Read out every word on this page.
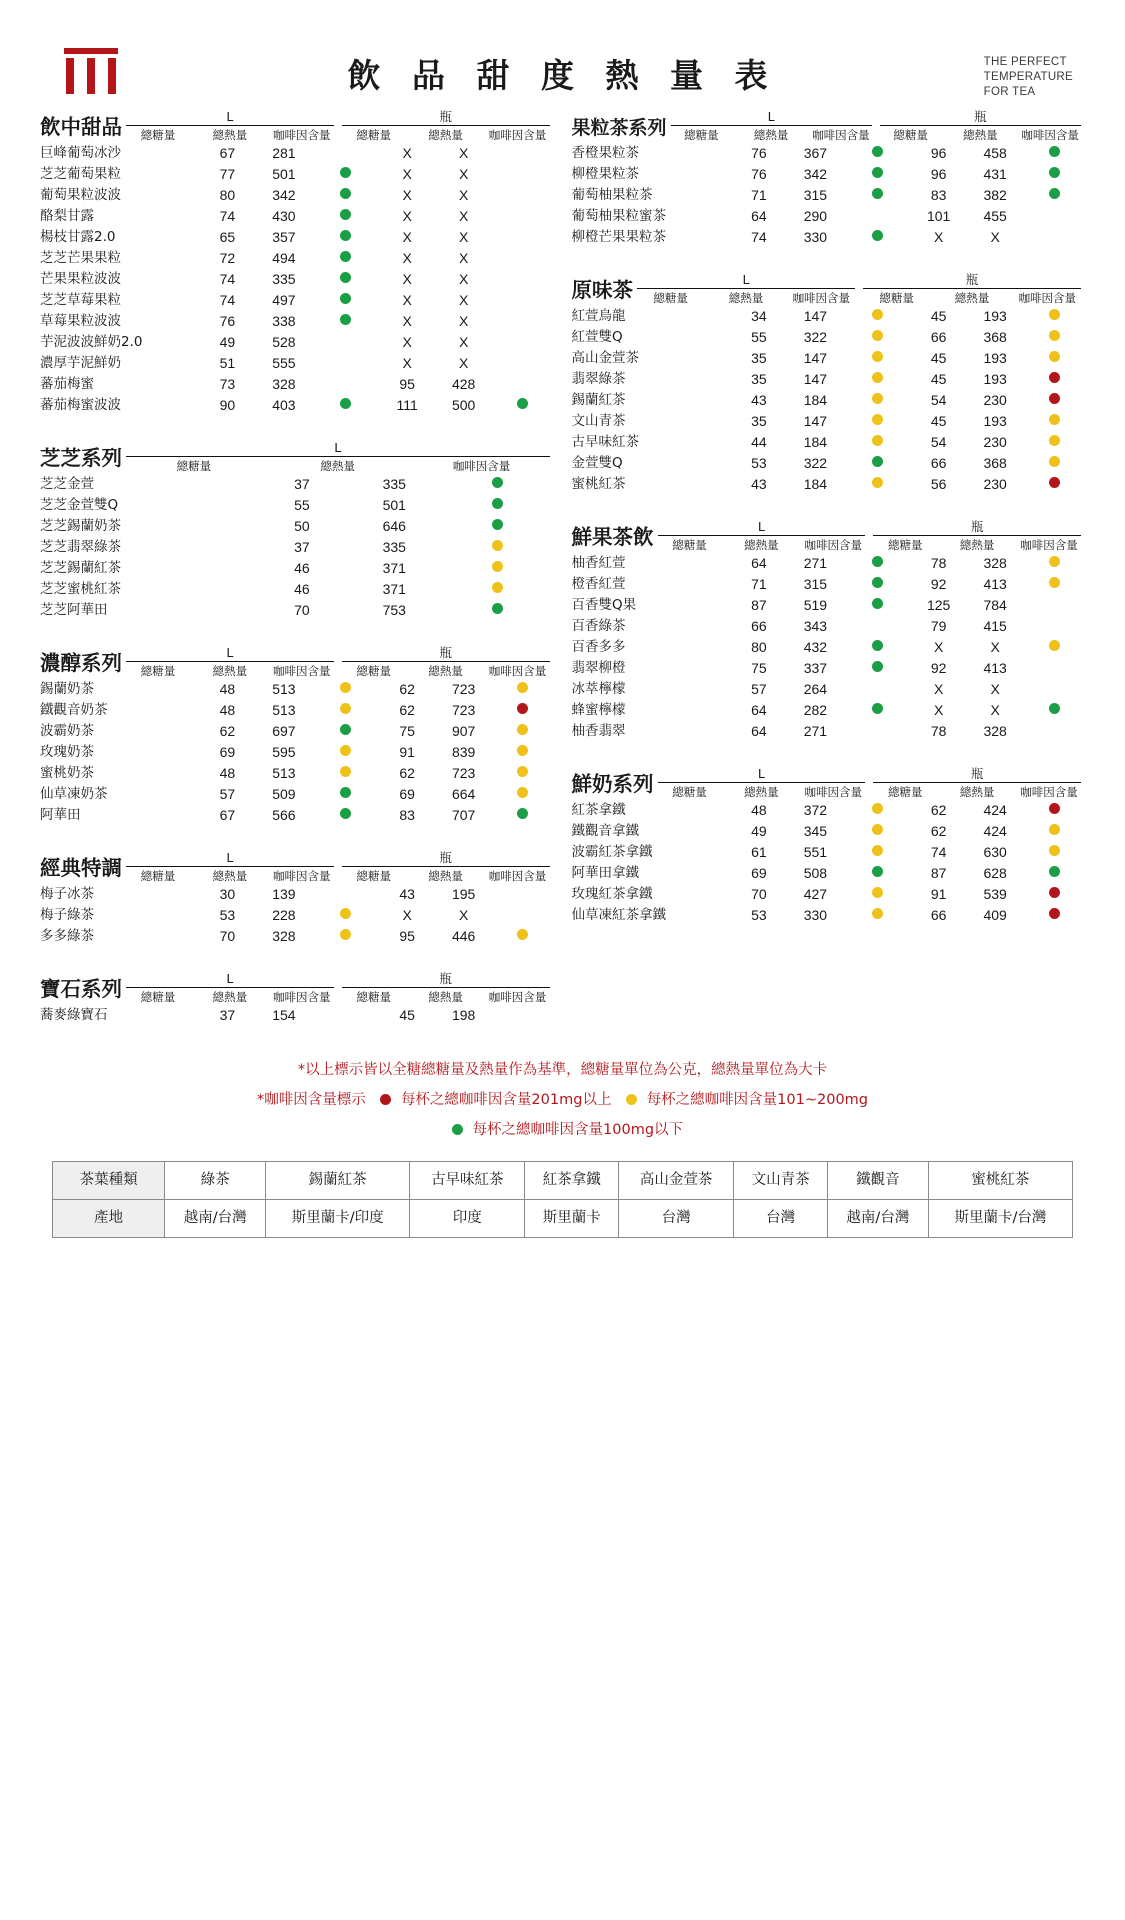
飲 品 甜 度 熱 量 表	THE PERFECT
TEMPERATURE
FOR TEA
飲中甜品	L
總糖量	總熱量	咖啡因含量
瓶
總糖量	總熱量	咖啡因含量
巨峰葡萄冰沙	67	281		X	X	
芝芝葡萄果粒	77	501		X	X	
葡萄果粒波波	80	342		X	X	
酪梨甘露	74	430		X	X	
楊枝甘露2.0	65	357		X	X	
芝芝芒果果粒	72	494		X	X	
芒果果粒波波	74	335		X	X	
芝芝草莓果粒	74	497		X	X	
草莓果粒波波	76	338		X	X	
芋泥波波鮮奶2.0	49	528		X	X	
濃厚芋泥鮮奶	51	555		X	X	
蕃茄梅蜜	73	328		95	428	
蕃茄梅蜜波波	90	403		111	500	
芝芝系列	L
總糖量	總熱量	咖啡因含量
芝芝金萱	37	335	
芝芝金萱雙Q	55	501	
芝芝錫蘭奶茶	50	646	
芝芝翡翠綠茶	37	335	
芝芝錫蘭紅茶	46	371	
芝芝蜜桃紅茶	46	371	
芝芝阿華田	70	753	
濃醇系列	L
總糖量	總熱量	咖啡因含量
瓶
總糖量	總熱量	咖啡因含量
錫蘭奶茶	48	513		62	723	
鐵觀音奶茶	48	513		62	723	
波霸奶茶	62	697		75	907	
玫瑰奶茶	69	595		91	839	
蜜桃奶茶	48	513		62	723	
仙草凍奶茶	57	509		69	664	
阿華田	67	566		83	707	
經典特調	L
總糖量	總熱量	咖啡因含量
瓶
總糖量	總熱量	咖啡因含量
梅子冰茶	30	139		43	195	
梅子綠茶	53	228		X	X	
多多綠茶	70	328		95	446	
寶石系列	L
總糖量	總熱量	咖啡因含量
瓶
總糖量	總熱量	咖啡因含量
蕎麥綠寶石	37	154		45	198	
果粒茶系列
L
總糖量	總熱量	咖啡因含量
瓶
總糖量	總熱量	咖啡因含量
香橙果粒茶	76	367		96	458	
柳橙果粒茶	76	342		96	431	
葡萄柚果粒茶	71	315		83	382	
葡萄柚果粒蜜茶	64	290		101	455	
柳橙芒果果粒茶	74	330		X	X	
原味茶	L
總糖量	總熱量	咖啡因含量
瓶
總糖量	總熱量	咖啡因含量
紅萱烏龍	34	147		45	193	
紅萱雙Q	55	322		66	368	
高山金萱茶	35	147		45	193	
翡翠綠茶	35	147		45	193	
錫蘭紅茶	43	184		54	230	
文山青茶	35	147		45	193	
古早味紅茶	44	184		54	230	
金萱雙Q	53	322		66	368	
蜜桃紅茶	43	184		56	230	
鮮果茶飲	L
總糖量	總熱量	咖啡因含量
瓶
總糖量	總熱量	咖啡因含量
柚香紅萱	64	271		78	328	
橙香紅萱	71	315		92	413	
百香雙Q果	87	519		125	784	
百香綠茶	66	343		79	415	
百香多多	80	432		X	X	
翡翠柳橙	75	337		92	413	
冰萃檸檬	57	264		X	X	
蜂蜜檸檬	64	282		X	X	
柚香翡翠	64	271		78	328	
鮮奶系列	L
總糖量	總熱量	咖啡因含量
瓶
總糖量	總熱量	咖啡因含量
紅茶拿鐵	48	372		62	424	
鐵觀音拿鐵	49	345		62	424	
波霸紅茶拿鐵	61	551		74	630	
阿華田拿鐵	69	508		87	628	
玫瑰紅茶拿鐵	70	427		91	539	
仙草凍紅茶拿鐵	53	330		66	409	
*以上標示皆以全糖總糖量及熱量作為基準，總糖量單位為公克，總熱量單位為大卡
*咖啡因含量標示 每杯之總咖啡因含量201mg以上 每杯之總咖啡因含量101~200mg
每杯之總咖啡因含量100mg以下
茶葉種類	綠茶	錫蘭紅茶	古早味紅茶	紅茶拿鐵	高山金萱茶	文山青茶	鐵觀音	蜜桃紅茶
產地	越南/台灣	斯里蘭卡/印度	印度	斯里蘭卡	台灣	台灣	越南/台灣	斯里蘭卡/台灣
